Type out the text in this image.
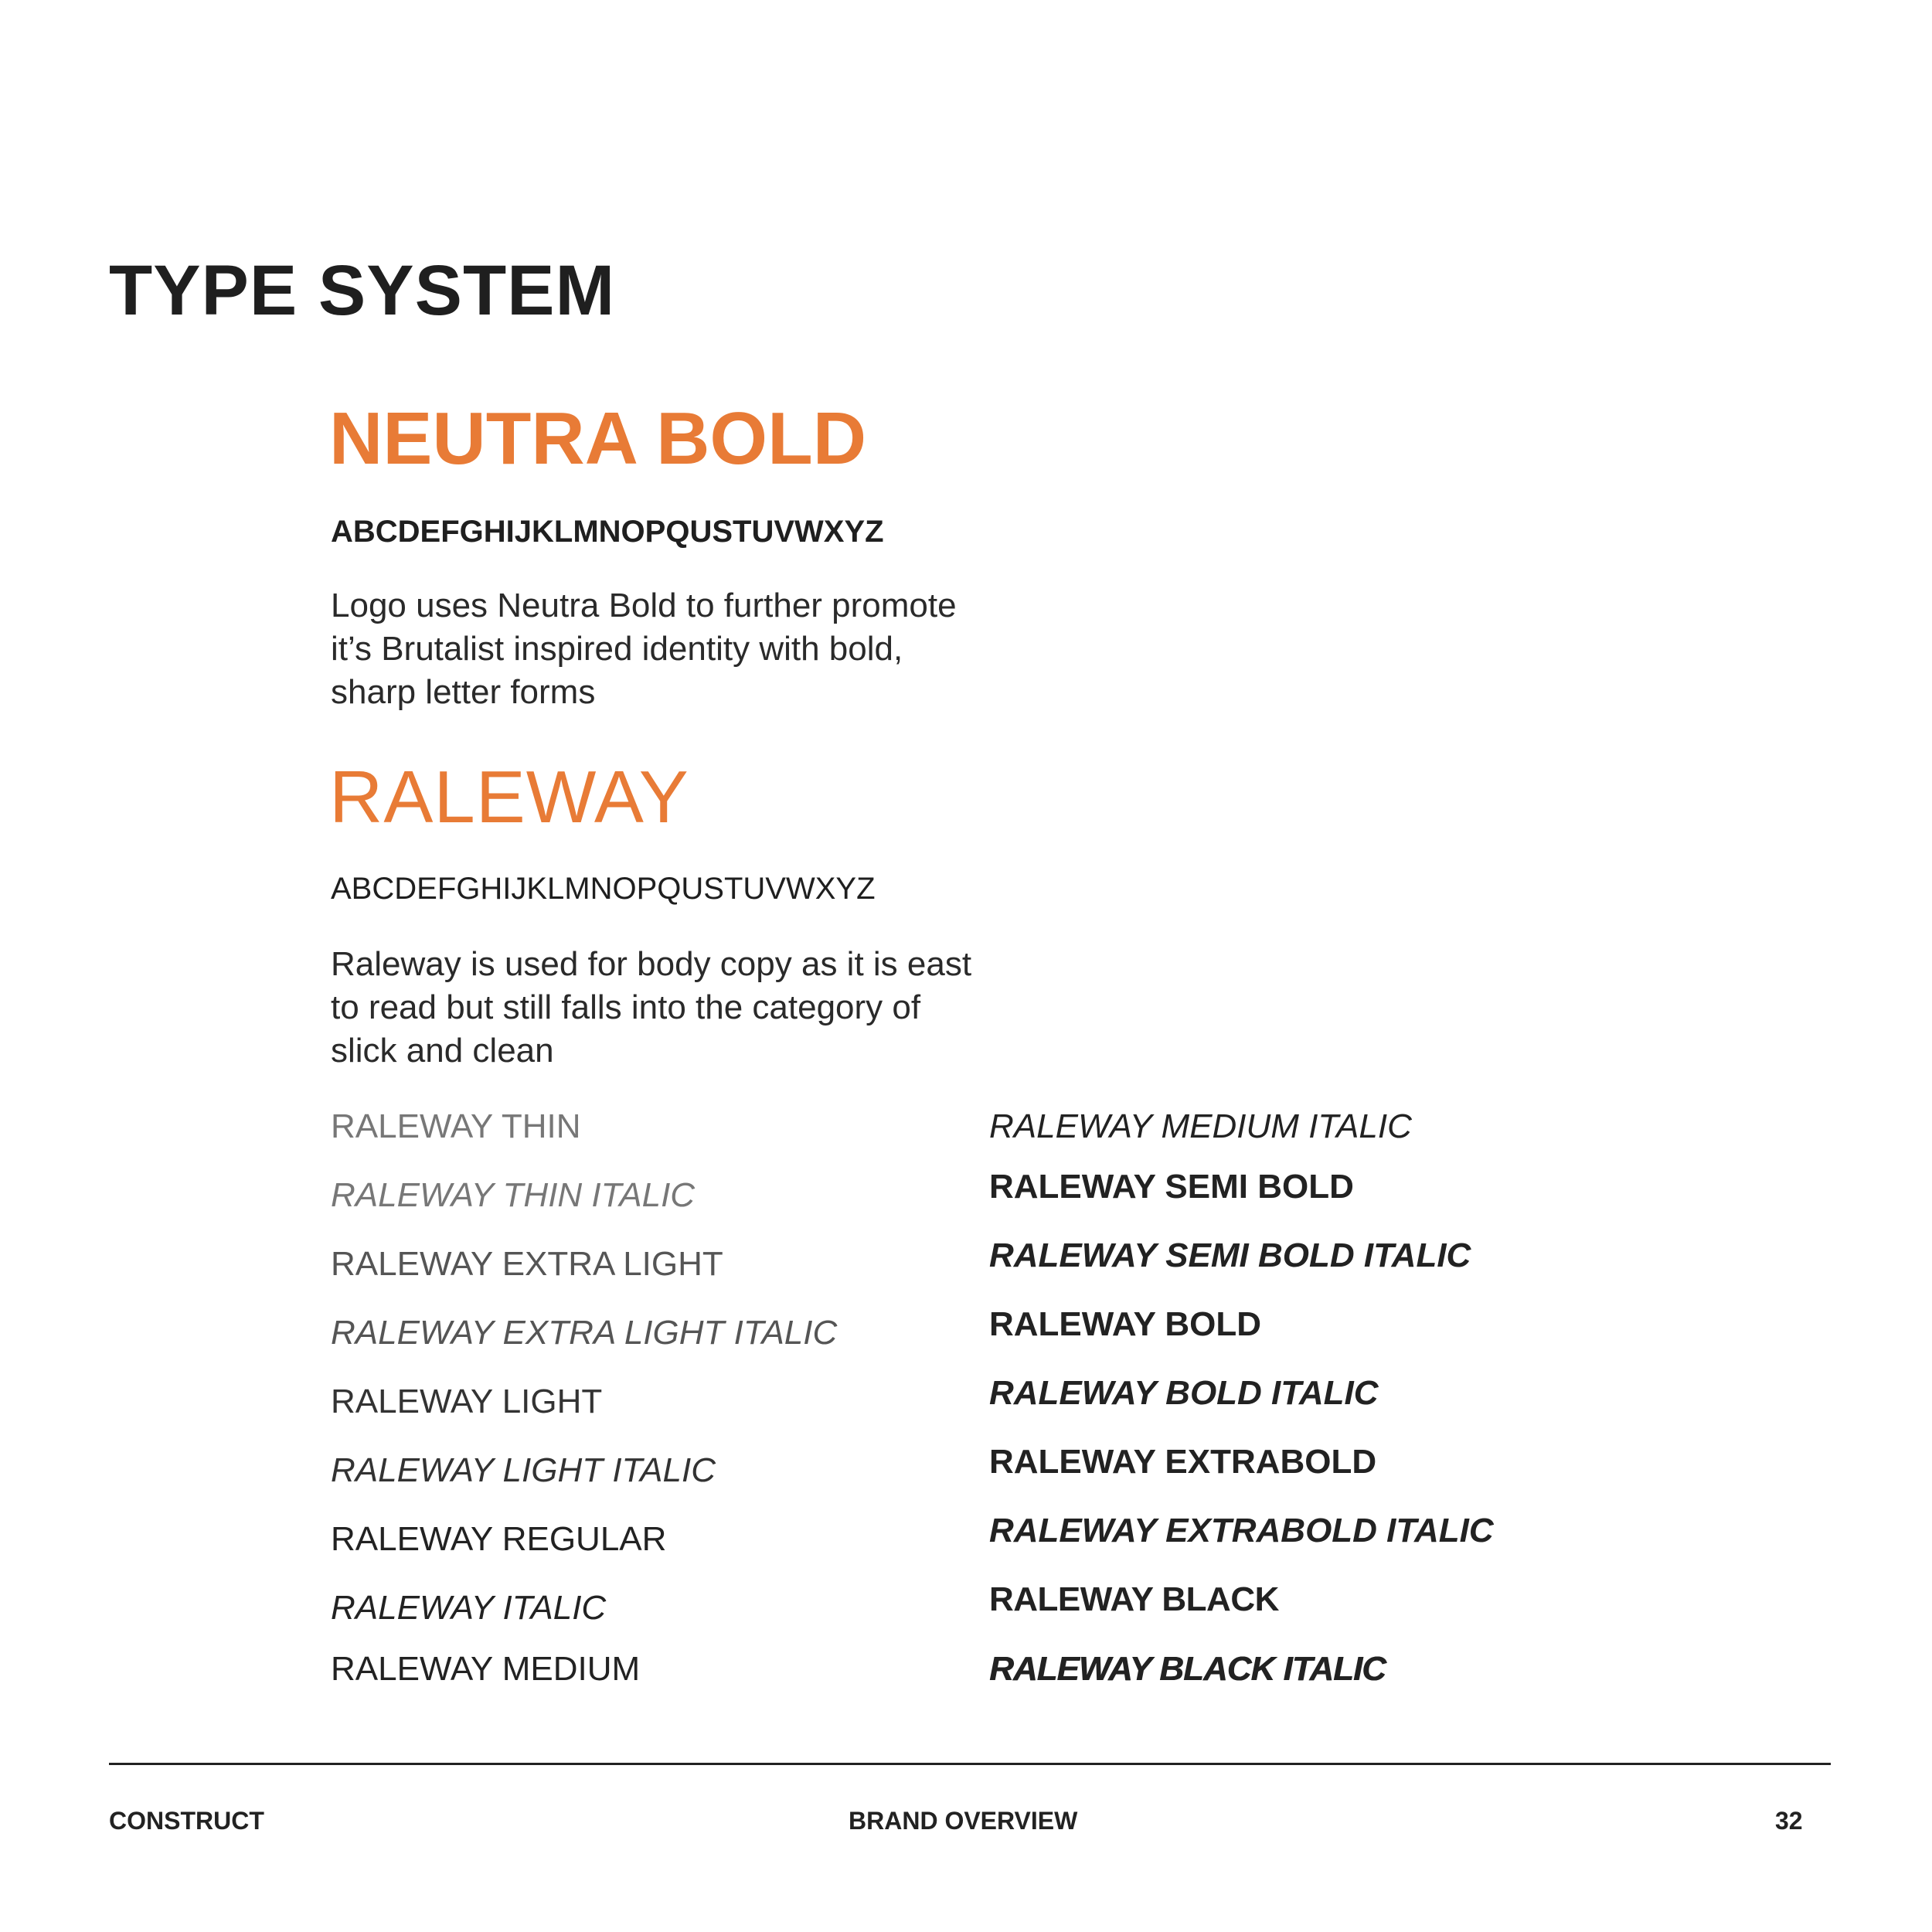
TYPE SYSTEM
NEUTRA BOLD
ABCDEFGHIJKLMNOPQUSTUVWXYZ
Logo uses Neutra Bold to further promote it’s Brutalist inspired identity with bold, sharp letter forms
RALEWAY
ABCDEFGHIJKLMNOPQUSTUVWXYZ
Raleway is used for body copy as it is east to read but still falls into the category of slick and clean
RALEWAY THIN
RALEWAY THIN ITALIC
RALEWAY EXTRA LIGHT
RALEWAY EXTRA LIGHT ITALIC
RALEWAY LIGHT
RALEWAY LIGHT ITALIC
RALEWAY REGULAR
RALEWAY ITALIC
RALEWAY MEDIUM
RALEWAY MEDIUM ITALIC
RALEWAY SEMI BOLD
RALEWAY SEMI BOLD ITALIC
RALEWAY BOLD
RALEWAY BOLD ITALIC
RALEWAY EXTRABOLD
RALEWAY EXTRABOLD ITALIC
RALEWAY BLACK
RALEWAY BLACK ITALIC
CONSTRUCT	BRAND OVERVIEW	32
